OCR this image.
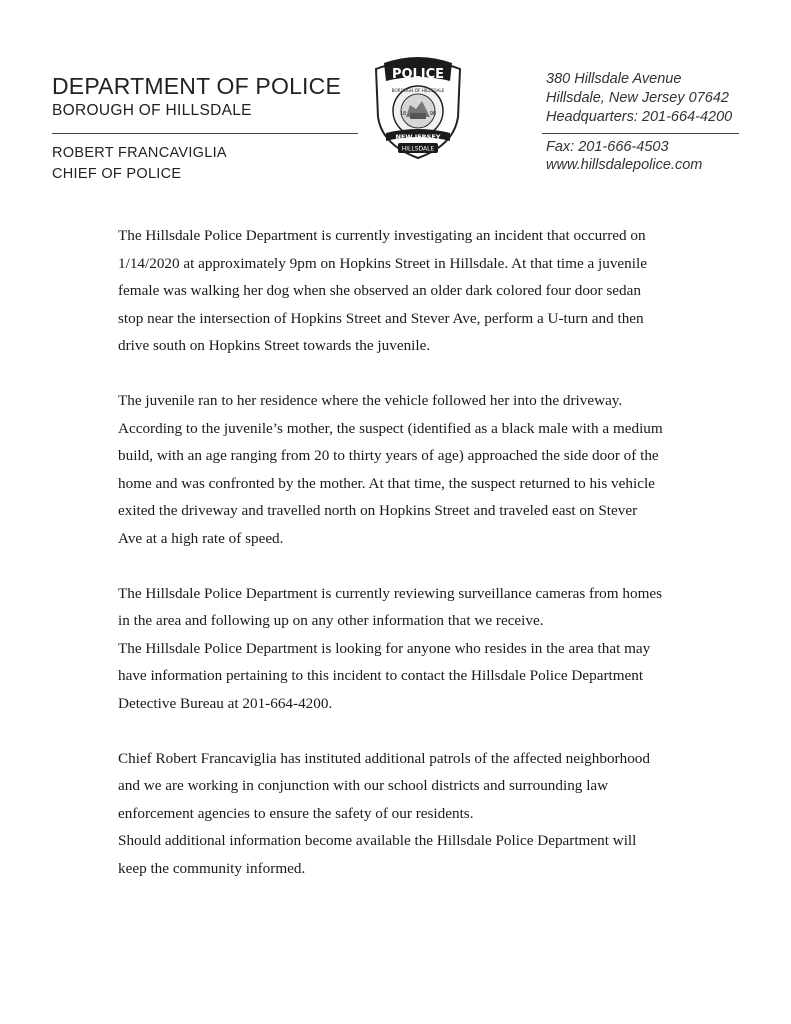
DEPARTMENT OF POLICE
BOROUGH OF HILLSDALE
ROBERT FRANCAVIGLIA
CHIEF OF POLICE
POLICE
18	98
BOROUGH OF HILLSDALE
NEW JERSEY
HILLSDALE
380 Hillsdale Avenue
Hillsdale, New Jersey 07642
Headquarters: 201-664-4200
Fax: 201-666-4503
www.hillsdalepolice.com

The Hillsdale Police Department is currently investigating an incident that occurred on
1/14/2020 at approximately 9pm on Hopkins Street in Hillsdale. At that time a juvenile
female was walking her dog when she observed an older dark colored four door sedan
stop near the intersection of Hopkins Street and Stever Ave, perform a U-turn and then
drive south on Hopkins Street towards the juvenile.

The juvenile ran to her residence where the vehicle followed her into the driveway.
According to the juvenile’s mother, the suspect (identified as a black male with a medium
build, with an age ranging from 20 to thirty years of age) approached the side door of the
home and was confronted by the mother. At that time, the suspect returned to his vehicle
exited the driveway and travelled north on Hopkins Street and traveled east on Stever
Ave at a high rate of speed.

The Hillsdale Police Department is currently reviewing surveillance cameras from homes
in the area and following up on any other information that we receive.
The Hillsdale Police Department is looking for anyone who resides in the area that may
have information pertaining to this incident to contact the Hillsdale Police Department
Detective Bureau at 201-664-4200.

Chief Robert Francaviglia has instituted additional patrols of the affected neighborhood
and we are working in conjunction with our school districts and surrounding law
enforcement agencies to ensure the safety of our residents.
Should additional information become available the Hillsdale Police Department will
keep the community informed.
